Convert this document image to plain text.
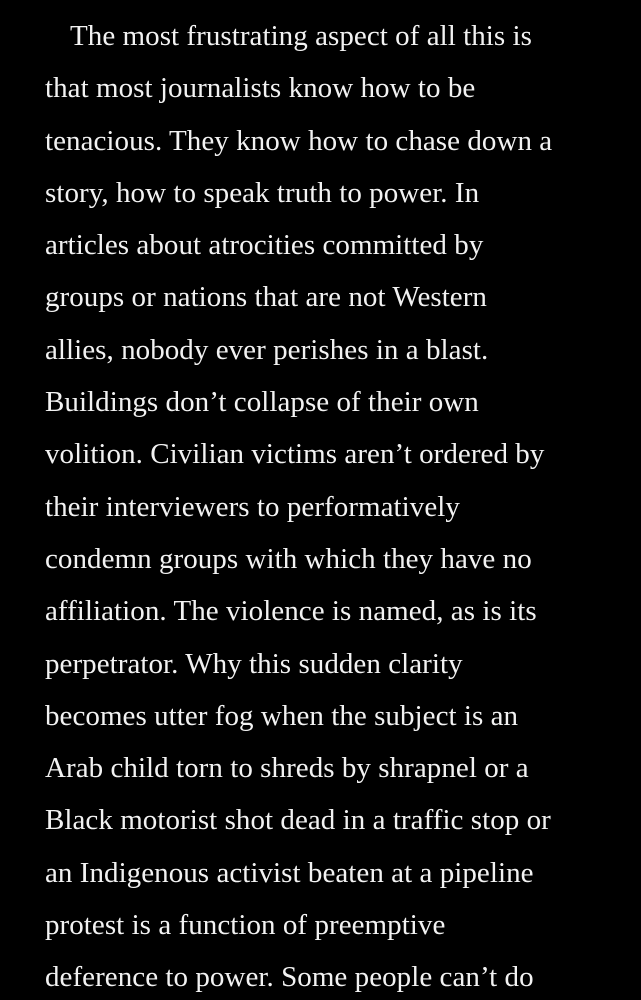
The most frustrating aspect of all this is
that most journalists know how to be
tenacious. They know how to chase down a
story, how to speak truth to power. In
articles about atrocities committed by
groups or nations that are not Western
allies, nobody ever perishes in a blast.
Buildings don’t collapse of their own
volition. Civilian victims aren’t ordered by
their interviewers to performatively
condemn groups with which they have no
affiliation. The violence is named, as is its
perpetrator. Why this sudden clarity
becomes utter fog when the subject is an
Arab child torn to shreds by shrapnel or a
Black motorist shot dead in a traffic stop or
an Indigenous activist beaten at a pipeline
protest is a function of preemptive
deference to power. Some people can’t do
